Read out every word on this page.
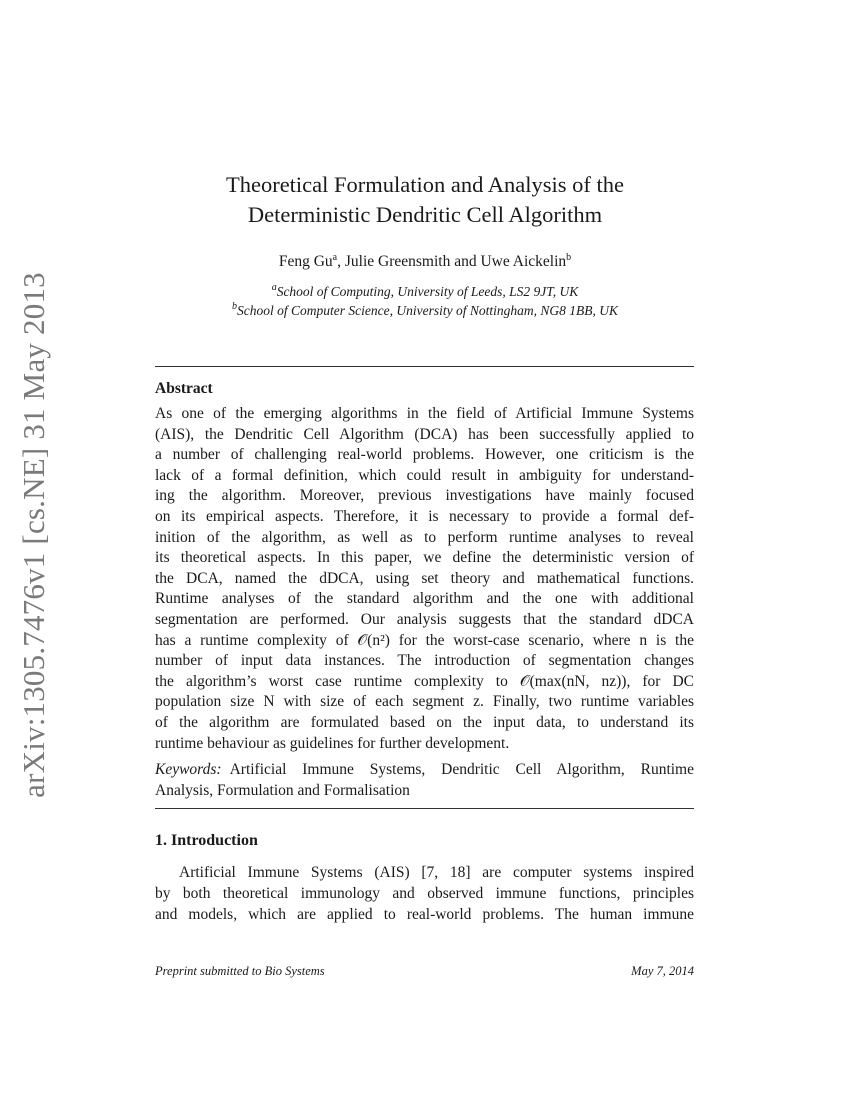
arXiv:1305.7476v1 [cs.NE] 31 May 2013
Theoretical Formulation and Analysis of the
Deterministic Dendritic Cell Algorithm
Feng Gu$^a$, Julie Greensmith and Uwe Aickelin$^b$
$^a$School of Computing, University of Leeds, LS2 9JT, UK
$^b$School of Computer Science, University of Nottingham, NG8 1BB, UK
Abstract
As one of the emerging algorithms in the field of Artificial Immune Systems
(AIS), the Dendritic Cell Algorithm (DCA) has been successfully applied to
a number of challenging real-world problems. However, one criticism is the
lack of a formal definition, which could result in ambiguity for understand-
ing the algorithm. Moreover, previous investigations have mainly focused
on its empirical aspects. Therefore, it is necessary to provide a formal def-
inition of the algorithm, as well as to perform runtime analyses to reveal
its theoretical aspects. In this paper, we define the deterministic version of
the DCA, named the dDCA, using set theory and mathematical functions.
Runtime analyses of the standard algorithm and the one with additional
segmentation are performed. Our analysis suggests that the standard dDCA
has a runtime complexity of 𝒪(n²) for the worst-case scenario, where n is the
number of input data instances. The introduction of segmentation changes
the algorithm’s worst case runtime complexity to 𝒪(max(nN, nz)), for DC
population size N with size of each segment z. Finally, two runtime variables
of the algorithm are formulated based on the input data, to understand its
runtime behaviour as guidelines for further development.
Keywords: Artificial Immune Systems, Dendritic Cell Algorithm, Runtime
Analysis, Formulation and Formalisation
1. Introduction
Artificial Immune Systems (AIS) [7, 18] are computer systems inspired
by both theoretical immunology and observed immune functions, principles
and models, which are applied to real-world problems. The human immune
Preprint submitted to Bio Systems	May 7, 2014
